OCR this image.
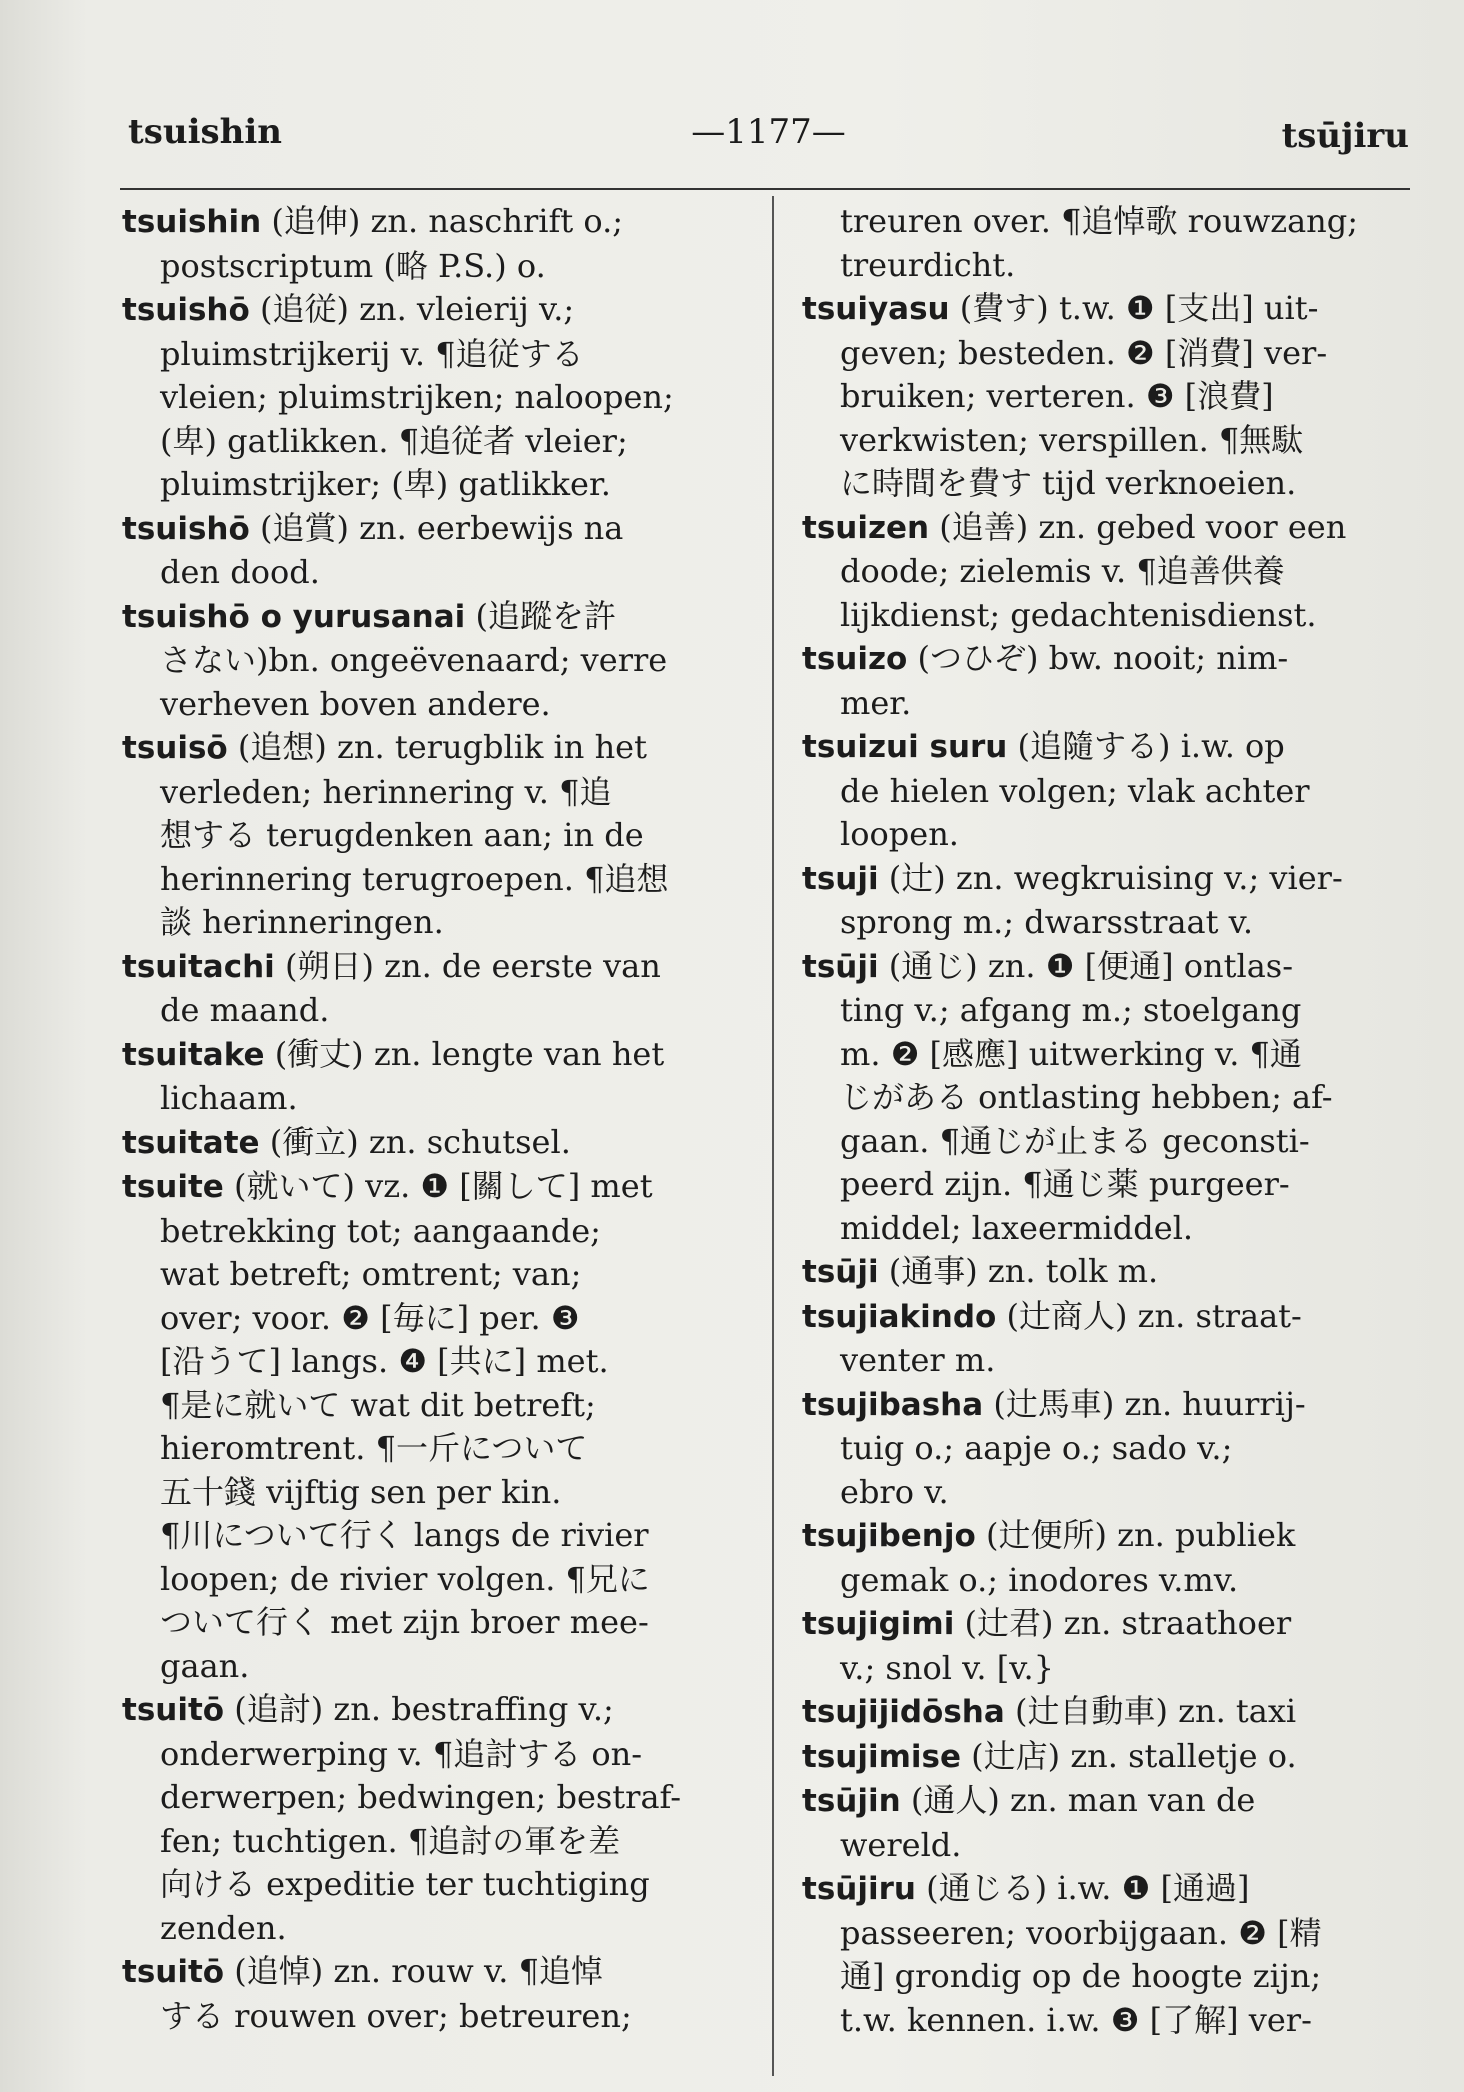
tsuishin	—1177—	tsūjiru
tsuishin (追伸) zn. naschrift o.;
postscriptum (略 P.S.) o.
tsuishō (追従) zn. vleierij v.;
pluimstrijkerij v. ¶追従する
vleien; pluimstrijken; naloopen;
(卑) gatlikken. ¶追従者 vleier;
pluimstrijker; (卑) gatlikker.
tsuishō (追賞) zn. eerbewijs na
den dood.
tsuishō o yurusanai (追蹤を許
さない)bn. ongeëvenaard; verre
verheven boven andere.
tsuisō (追想) zn. terugblik in het
verleden; herinnering v. ¶追
想する terugdenken aan; in de
herinnering terugroepen. ¶追想
談 herinneringen.
tsuitachi (朔日) zn. de eerste van
de maand.
tsuitake (衝丈) zn. lengte van het
lichaam.
tsuitate (衝立) zn. schutsel.
tsuite (就いて) vz. ❶ [關して] met
betrekking tot; aangaande;
wat betreft; omtrent; van;
over; voor. ❷ [毎に] per. ❸
[沿うて] langs. ❹ [共に] met.
¶是に就いて wat dit betreft;
hieromtrent. ¶一斤について
五十錢 vijftig sen per kin.
¶川について行く langs de rivier
loopen; de rivier volgen. ¶兄に
ついて行く met zijn broer mee-
gaan.
tsuitō (追討) zn. bestraffing v.;
onderwerping v. ¶追討する on-
derwerpen; bedwingen; bestraf-
fen; tuchtigen. ¶追討の軍を差
向ける expeditie ter tuchtiging
zenden.
tsuitō (追悼) zn. rouw v. ¶追悼
する rouwen over; betreuren;
treuren over. ¶追悼歌 rouwzang;
treurdicht.
tsuiyasu (費す) t.w. ❶ [支出] uit-
geven; besteden. ❷ [消費] ver-
bruiken; verteren. ❸ [浪費]
verkwisten; verspillen. ¶無駄
に時間を費す tijd verknoeien.
tsuizen (追善) zn. gebed voor een
doode; zielemis v. ¶追善供養
lijkdienst; gedachtenisdienst.
tsuizo (つひぞ) bw. nooit; nim-
mer.
tsuizui suru (追隨する) i.w. op
de hielen volgen; vlak achter
loopen.
tsuji (辻) zn. wegkruising v.; vier-
sprong m.; dwarsstraat v.
tsūji (通じ) zn. ❶ [便通] ontlas-
ting v.; afgang m.; stoelgang
m. ❷ [感應] uitwerking v. ¶通
じがある ontlasting hebben; af-
gaan. ¶通じが止まる geconsti-
peerd zijn. ¶通じ薬 purgeer-
middel; laxeermiddel.
tsūji (通事) zn. tolk m.
tsujiakindo (辻商人) zn. straat-
venter m.
tsujibasha (辻馬車) zn. huurrij-
tuig o.; aapje o.; sado v.;
ebro v.
tsujibenjo (辻便所) zn. publiek
gemak o.; inodores v.mv.
tsujigimi (辻君) zn. straathoer
v.; snol v. [v.}
tsujijidōsha (辻自動車) zn. taxi
tsujimise (辻店) zn. stalletje o.
tsūjin (通人) zn. man van de
wereld.
tsūjiru (通じる) i.w. ❶ [通過]
passeeren; voorbijgaan. ❷ [精
通] grondig op de hoogte zijn;
t.w. kennen. i.w. ❸ [了解] ver-
